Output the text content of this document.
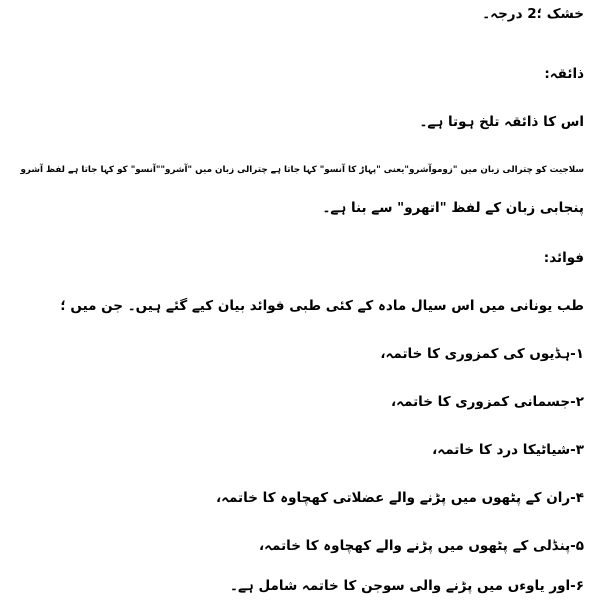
خشک ؛2 درجہ۔
ذائقہ:
اس کا ذائقہ تلخ ہوتا ہے۔
سلاجیت کو چترالی زبان میں "زوموآشرو"یعنی "پہاڑ کا آنسو" کہا جاتا ہے چترالی زبان میں "آشرو""آنسو" کو کہا جاتا ہے لفظ آشرو
پنجابی زبان کے لفظ "اتھرو" سے بنا ہے۔
فوائد:
طب یونانی میں اس سیال مادہ کے کئی طبی فوائد بیان کیے گئے ہیں۔ جن میں ؛
۱-ہڈیوں کی کمزوری کا خاتمہ،
۲-جسمانی کمزوری کا خاتمہ،
۳-شیاٹیکا درد کا خاتمہ،
۴-ران کے پٹھوں میں پڑنے والے عضلاتی کھچاوہ کا خاتمہ،
۵-پنڈلی کے پٹھوں میں پڑنے والے کھچاوہ کا خاتمہ،
۶-اور یاوءں میں پڑنے والی سوجن کا خاتمہ شامل ہے۔
